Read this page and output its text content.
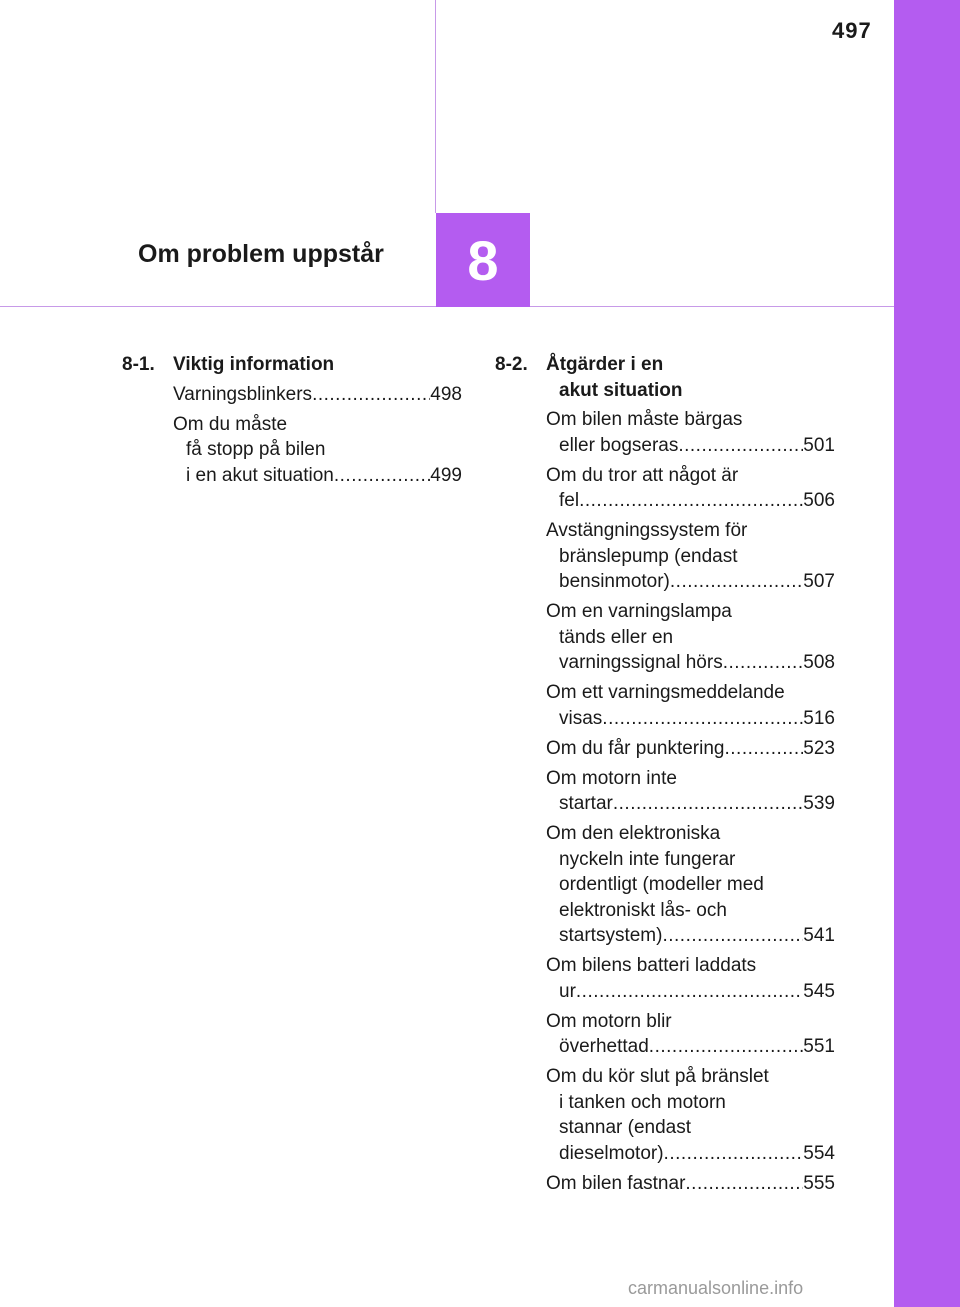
497
Om problem uppstår 8
8-1. Viktig information
Varningsblinkers .....	498
Om du måste
få stopp på bilen
i en akut situation .....	499
8-2. Åtgärder i en
akut situation
Om bilen måste bärgas
eller bogseras .....	501
Om du tror att något är
fel .....	506
Avstängningssystem för
bränslepump (endast
bensinmotor) .....	507
Om en varningslampa
tänds eller en
varningssignal hörs .....	508
Om ett varningsmeddelande
visas .....	516
Om du får punktering .....	523
Om motorn inte
startar .....	539
Om den elektroniska
nyckeln inte fungerar
ordentligt (modeller med
elektroniskt lås- och
startsystem) .....	541
Om bilens batteri laddats
ur .....	545
Om motorn blir
överhettad .....	551
Om du kör slut på bränslet
i tanken och motorn
stannar (endast
dieselmotor) .....	554
Om bilen fastnar .....	555
carmanualsonline.info
